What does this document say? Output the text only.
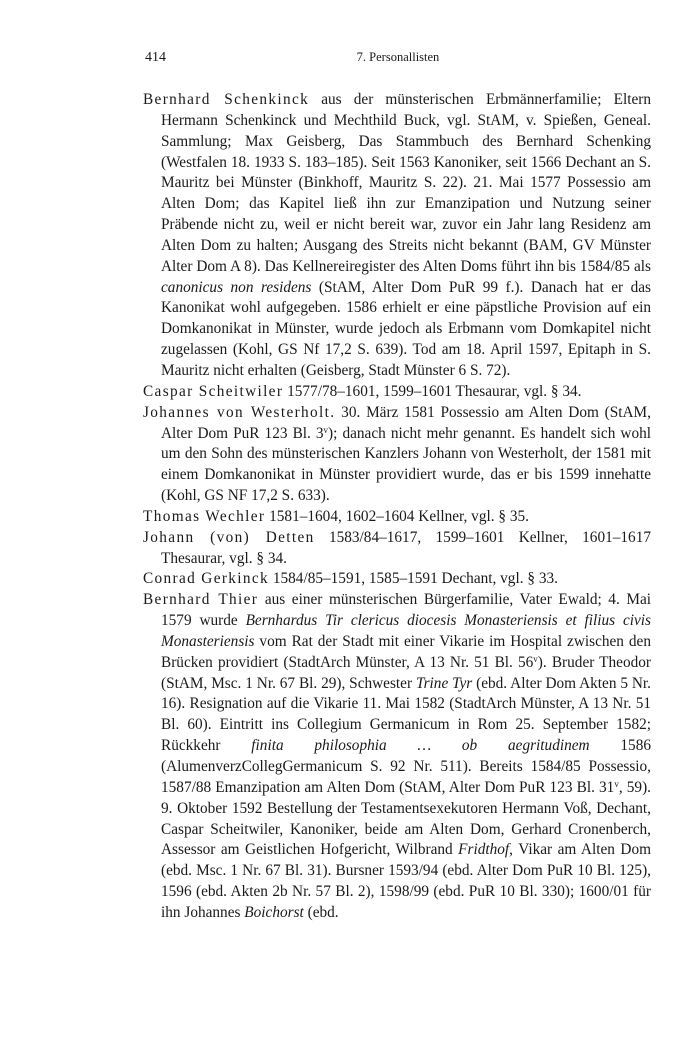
414	7. Personallisten

Bernhard Schenkinck aus der münsterischen Erbmännerfamilie; Eltern Hermann Schenkinck und Mechthild Buck, vgl. StAM, v. Spießen, Geneal. Sammlung; Max Geisberg, Das Stammbuch des Bernhard Schenking (Westfalen 18. 1933 S. 183–185). Seit 1563 Kanoniker, seit 1566 Dechant an S. Mauritz bei Münster (Binkhoff, Mauritz S. 22). 21. Mai 1577 Possessio am Alten Dom; das Kapitel ließ ihn zur Emanzipation und Nutzung seiner Präbende nicht zu, weil er nicht bereit war, zuvor ein Jahr lang Residenz am Alten Dom zu halten; Ausgang des Streits nicht bekannt (BAM, GV Münster Alter Dom A 8). Das Kellnereiregister des Alten Doms führt ihn bis 1584/85 als canonicus non residens (StAM, Alter Dom PuR 99 f.). Danach hat er das Kanonikat wohl aufgegeben. 1586 erhielt er eine päpstliche Provision auf ein Domkanonikat in Münster, wurde jedoch als Erbmann vom Domkapitel nicht zugelassen (Kohl, GS Nf 17,2 S. 639). Tod am 18. April 1597, Epitaph in S. Mauritz nicht erhalten (Geisberg, Stadt Münster 6 S. 72).

Caspar Scheitwiler 1577/78–1601, 1599–1601 Thesaurar, vgl. § 34.

Johannes von Westerholt. 30. März 1581 Possessio am Alten Dom (StAM, Alter Dom PuR 123 Bl. 3$^v$); danach nicht mehr genannt. Es handelt sich wohl um den Sohn des münsterischen Kanzlers Johann von Westerholt, der 1581 mit einem Domkanonikat in Münster providiert wurde, das er bis 1599 innehatte (Kohl, GS NF 17,2 S. 633).

Thomas Wechler 1581–1604, 1602–1604 Kellner, vgl. § 35.

Johann (von) Detten 1583/84–1617, 1599–1601 Kellner, 1601–1617 Thesaurar, vgl. § 34.

Conrad Gerkinck 1584/85–1591, 1585–1591 Dechant, vgl. § 33.

Bernhard Thier aus einer münsterischen Bürgerfamilie, Vater Ewald; 4. Mai 1579 wurde Bernhardus Tir clericus diocesis Monasteriensis et filius civis Monasteriensis vom Rat der Stadt mit einer Vikarie im Hospital zwischen den Brücken providiert (StadtArch Münster, A 13 Nr. 51 Bl. 56$^v$). Bruder Theodor (StAM, Msc. 1 Nr. 67 Bl. 29), Schwester Trine Tyr (ebd. Alter Dom Akten 5 Nr. 16). Resignation auf die Vikarie 11. Mai 1582 (StadtArch Münster, A 13 Nr. 51 Bl. 60). Eintritt ins Collegium Germanicum in Rom 25. September 1582; Rückkehr finita philosophia … ob aegritudinem 1586 (AlumenverzCollegGermanicum S. 92 Nr. 511). Bereits 1584/85 Possessio, 1587/88 Emanzipation am Alten Dom (StAM, Alter Dom PuR 123 Bl. 31$^v$, 59). 9. Oktober 1592 Bestellung der Testamentsexekutoren Hermann Voß, Dechant, Caspar Scheitwiler, Kanoniker, beide am Alten Dom, Gerhard Cronenberch, Assessor am Geistlichen Hofgericht, Wilbrand Fridthof, Vikar am Alten Dom (ebd. Msc. 1 Nr. 67 Bl. 31). Bursner 1593/94 (ebd. Alter Dom PuR 10 Bl. 125), 1596 (ebd. Akten 2b Nr. 57 Bl. 2), 1598/99 (ebd. PuR 10 Bl. 330); 1600/01 für ihn Johannes Boichorst (ebd.
